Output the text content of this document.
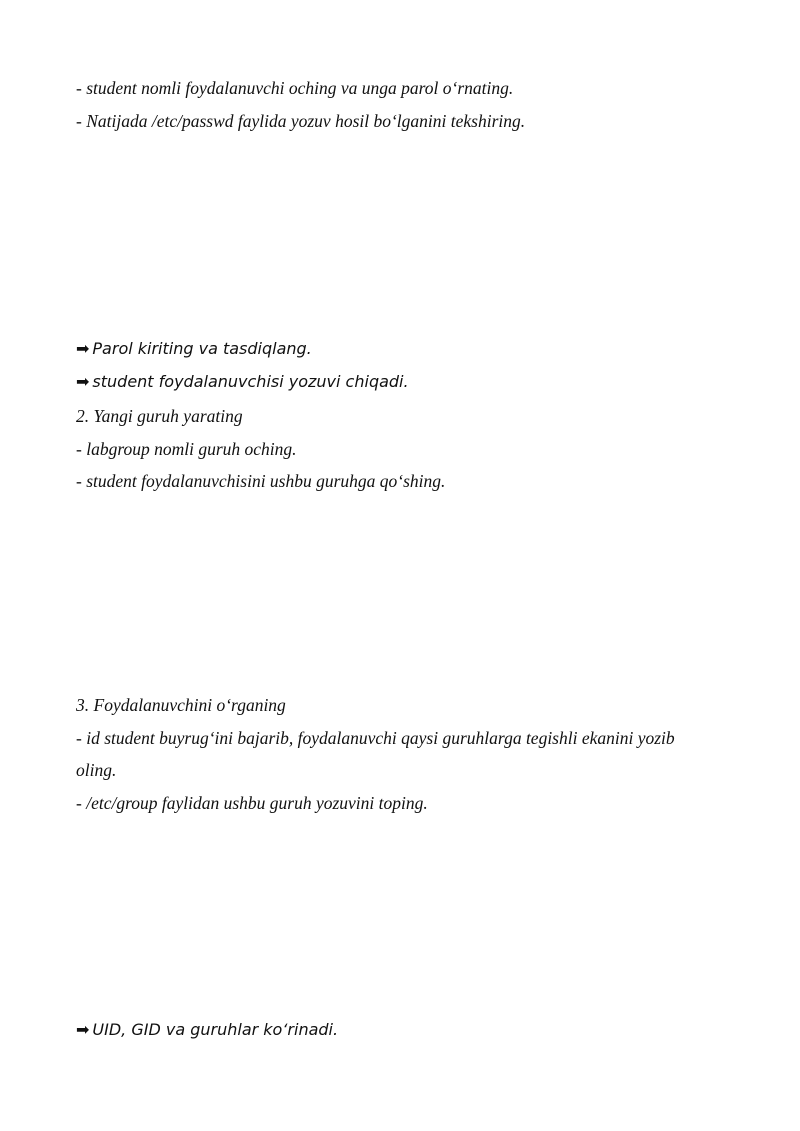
- student nomli foydalanuvchi oching va unga parol o‘rnating.
- Natijada /etc/passwd faylida yozuv hosil bo‘lganini tekshiring.
➡ Parol kiriting va tasdiqlang.
➡ student foydalanuvchisi yozuvi chiqadi.
2. Yangi guruh yarating
- labgroup nomli guruh oching.
- student foydalanuvchisini ushbu guruhga qo‘shing.
3. Foydalanuvchini o‘rganing
- id student buyrug‘ini bajarib, foydalanuvchi qaysi guruhlarga tegishli ekanini yozib
oling.
- /etc/group faylidan ushbu guruh yozuvini toping.
➡ UID, GID va guruhlar ko‘rinadi.
